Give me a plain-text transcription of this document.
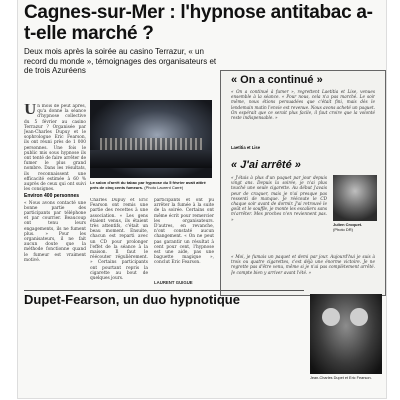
Cagnes-sur-Mer : l'hypnose antitabac a-t-elle marché ?
Deux mois après la soirée au casino Terrazur, « un record du monde », témoignages des organisateurs et de trois Azuréens
U n mois de peut après, qu'a donné la séance d'hypnose collective du 5 février au casino Terrazur ? Organisée par Jean-Charles Dupuy et le sophrologue Eric Fearson, ils ont réuni près de 1 000 personnes. Une fois le public mis sous hypnose ils ont tenté de faire arrêter de fumer le plus grand nombre. Dans les résultats, ils reconnaissent une efficacité estimée à 60 % auprès de ceux qui ont suivi les consignes.
Environ 400 personnes
« Nous avons contacté une bonne partie des participants par téléphone et par courrier. Beaucoup ont tenu leurs engagements, ils ne fument plus. » Pour les organisateurs, il ne fait aucun doute que la méthode fonctionne quand le fumeur est vraiment motivé.
Le salon d'arrêt du tabac par hypnose du 5 février avait attiré près de cinq cents fumeurs. (Photo Laurent Carré)
Charles Dupuy et Eric Fearson ont remis une partie des recettes à une association. « Les gens étaient venus, ils étaient très attentifs, c'était un beau moment. Ensuite, chacun est reparti avec un CD pour prolonger l'effet de la séance à la maison. Il faut le réécouter régulièrement. » Certains participants ont pourtant repris la cigarette au bout de quelques jours.
participants et ont pu arrêter la fumée à la suite de la soirée. Certains ont même écrit pour remercier les organisateurs. D'autres, en revanche, n'ont constaté aucun changement. « On ne peut pas garantir un résultat à cent pour cent, l'hypnose est une aide, pas une baguette magique », conclut Eric Fearson.
LAURENT GUIGUE
« On a continué »
« On a continué à fumer », regrettent Laetitia et Lise, venues ensemble à la séance. « Pour nous, cela n'a pas marché. Le soir même, nous étions persuadées que c'était fini, mais dès le lendemain matin l'envie est revenue. Nous avons acheté un paquet. On espérait que ce serait plus facile, il faut croire que la volonté reste indispensable. »
Laetitia et Lise
« J'ai arrêté »
« J'étais à plus d'un paquet par jour depuis vingt ans. Depuis la soirée, je n'ai plus touché une seule cigarette. Au début j'avais peur de craquer, mais je n'ai presque pas ressenti de manque. Je réécoute le CD chaque soir avant de dormir. J'ai retrouvé le goût et le souffle, je monte les escaliers sans m'arrêter. Mes proches n'en reviennent pas. »
Julien Croquet.
(Photo DR)
« Moi, je fumais un paquet et demi par jour. Aujourd'hui je suis à trois ou quatre cigarettes, c'est déjà une énorme victoire. Je ne regrette pas d'être venu, même si je n'ai pas complètement arrêté. Je compte bien y arriver avant l'été. »
Dupet-Fearson, un duo hypnotique
Jean-Charles Dupet et Eric Fearson.
